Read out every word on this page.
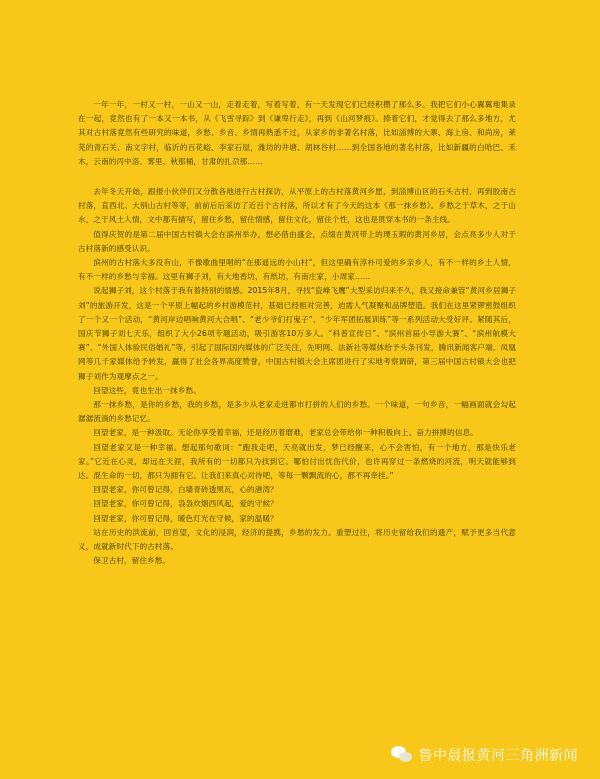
一年一年，一村又一村，一山又一山，走着走着，写着写着，有一天发现它们已经积攒了那么多。我把它们小心翼翼地集录在一起，竟然也有了一本又一本书，从《飞雪寻踪》到《谦卑行走》，再到《山河梦痕》。捧着它们，才觉得去了那么多地方，尤其对古村落竟然有些研究的味道，乡愁、乡音、乡情再熟悉不过，从家乡的非著名村落，比如淄博的大寨、海上房、和尚房，莱芜的青石关、南文字村，临沂的百花峪、李家石屋，潍坊的井塘、胡林谷村……到全国各地的著名村落，比如新疆的白哈巴、禾木，云南的丙中洛、雾里、秋那桶，甘肃的扎尕那……

去年冬天开始，跟报小伙伴们又分散各地进行古村探访，从平原上的古村落黄河乡愿，到淄博山区的石头古村，再到胶南古村落，直西北、大别山古村等等，前前后后采访了近百个古村落，所以才有了今天的这本《那一抹乡愁》。乡愁之于草木，之于山水，之于风土人情，文中都有描写，留住乡愁，留住情感，留住文化，留住个性，这也是贯穿本书的一条主线。

值得庆贺的是第二届中国古村镇大会在滨州举办，想必借由盛会，点缀在黄河带上的璞玉瑕的黄河乡居，会点亮多少人对于古村落新的感受认识。

滨州的古村落大多没有山，不像歌曲里唱的“在那遥远的小山村”，但这里确有淳朴可爱的乡亲乡人，有不一样的乡土人情，有不一样的乡愁与幸福。这里有狮子刘，有大地香坊，有纸坊，有南庄家，小周家……

说起狮子刘，这个村落于我有着特别的情感。2015年8月，寻找“瓷峰飞鹰”大型采访归来不久，我又接命兼管“黄河乡居狮子刘”的旅游开发，这是一个平原上幅起的乡村游模范村，基础已经相对完善，迫需人气凝聚和品牌塑造。我们在这里紧锣密鼓组织了一个又一个活动，“黄河岸边唱响黄河大合唱”、“老少爷们打鬼子”、“少年军团拓展训练”等一系列活动大受好评。紧随其后，国庆节狮子刘七天乐，组织了大小26项专题活动，吸引游客10万多人。“科普宣传日”、“滨州首届小导游大赛”、“滨州航模大赛”、“外国人体验民俗婚礼”等，引起了国际国内媒体的广泛关注，先明网、法新社等媒体给予头条刊发，腾讯新闻客户端、凤凰网等几千家媒体给予转发，赢得了社会各界高度赞誉，中国古村镇大会主席团进行了实地考察调研，第三届中国古村镇大会也把狮子刘作为观摩点之一。

回望这些，竟也生出一抹乡愁。

那一抹乡愁，是你的乡愁，我的乡愁，是多少从老家走进都市打拼的人们的乡愁。一个味道，一句乡音，一幅画面就会勾起潺潺流淌的乡愁记忆。

回望老家，是一种汲取。无论你享受着幸福，还是经历着磨难，老家总会带给你一种积极向上、奋力拼搏的信息。

回望老家又是一种幸福。想起那句歌词：“跑我走吧，天亮就出发，梦已经醒来，心不会害怕，有一个地方，那是快乐老家。”它近在心灵，却远在天涯，我所有的一切都只为找到它。哪怕付出忧伤代价，也许再穿过一条燃烧的河流，明天就能够到达。混生命的一切，都只为拥有它。让我们来真心对待吧，等每一颗飘流的心，都不再牵挂。”

回望老家，你可曾记得，白墙青砖透黑瓦，心的港湾？

回望老家，你可曾记得，袅袅炊烟西风起，爱的守候？

回望老家，你可曾记得，暖色灯光在守候，家的温暖？

站在历史的洪流前，回首望，文化的浸润，经济的提携，乡愁的发力。重塑过往，将历史留给我们的遗产，赋予更多当代意义，成就新时代下的古村落。

保卫古村，留住乡愁。

鲁中晨报黄河三角洲新闻
